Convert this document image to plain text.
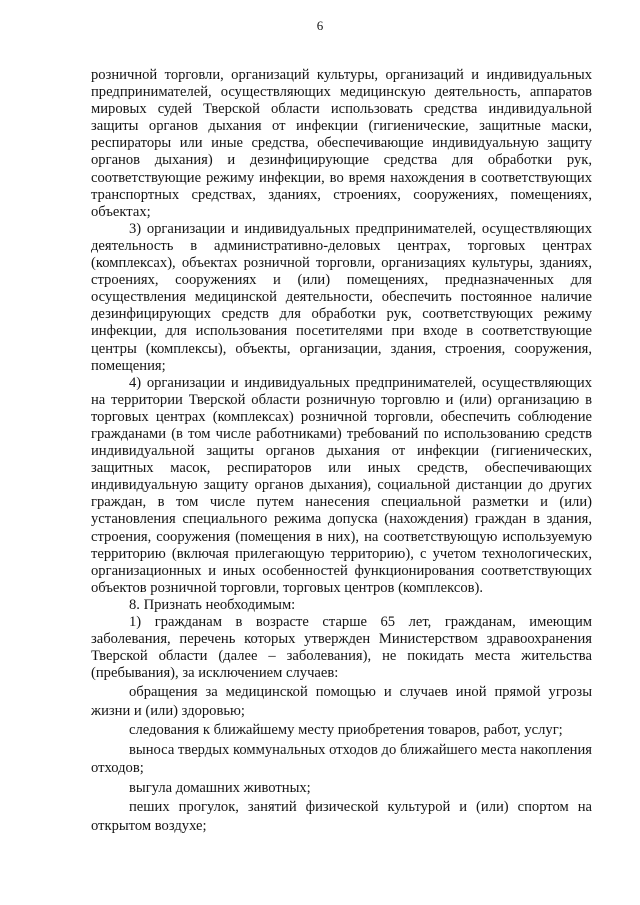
6

розничной торговли, организаций культуры, организаций и индивидуальных предпринимателей, осуществляющих медицинскую деятельность, аппаратов мировых судей Тверской области использовать средства индивидуальной защиты органов дыхания от инфекции (гигиенические, защитные маски, респираторы или иные средства, обеспечивающие индивидуальную защиту органов дыхания) и дезинфицирующие средства для обработки рук, соответствующие режиму инфекции, во время нахождения в соответствующих транспортных средствах, зданиях, строениях, сооружениях, помещениях, объектах;

3) организации и индивидуальных предпринимателей, осуществляющих деятельность в административно-деловых центрах, торговых центрах (комплексах), объектах розничной торговли, организациях культуры, зданиях, строениях, сооружениях и (или) помещениях, предназначенных для осуществления медицинской деятельности, обеспечить постоянное наличие дезинфицирующих средств для обработки рук, соответствующих режиму инфекции, для использования посетителями при входе в соответствующие центры (комплексы), объекты, организации, здания, строения, сооружения, помещения;

4) организации и индивидуальных предпринимателей, осуществляющих на территории Тверской области розничную торговлю и (или) организацию в торговых центрах (комплексах) розничной торговли, обеспечить соблюдение гражданами (в том числе работниками) требований по использованию средств индивидуальной защиты органов дыхания от инфекции (гигиенических, защитных масок, респираторов или иных средств, обеспечивающих индивидуальную защиту органов дыхания), социальной дистанции до других граждан, в том числе путем нанесения специальной разметки и (или) установления специального режима допуска (нахождения) граждан в здания, строения, сооружения (помещения в них), на соответствующую используемую территорию (включая прилегающую территорию), с учетом технологических, организационных и иных особенностей функционирования соответствующих объектов розничной торговли, торговых центров (комплексов).

8. Признать необходимым:

1) гражданам в возрасте старше 65 лет, гражданам, имеющим заболевания, перечень которых утвержден Министерством здравоохранения Тверской области (далее – заболевания), не покидать места жительства (пребывания), за исключением случаев:

обращения за медицинской помощью и случаев иной прямой угрозы жизни и (или) здоровью;

следования к ближайшему месту приобретения товаров, работ, услуг;

выноса твердых коммунальных отходов до ближайшего места накопления отходов;

выгула домашних животных;

пеших прогулок, занятий физической культурой и (или) спортом на открытом воздухе;
